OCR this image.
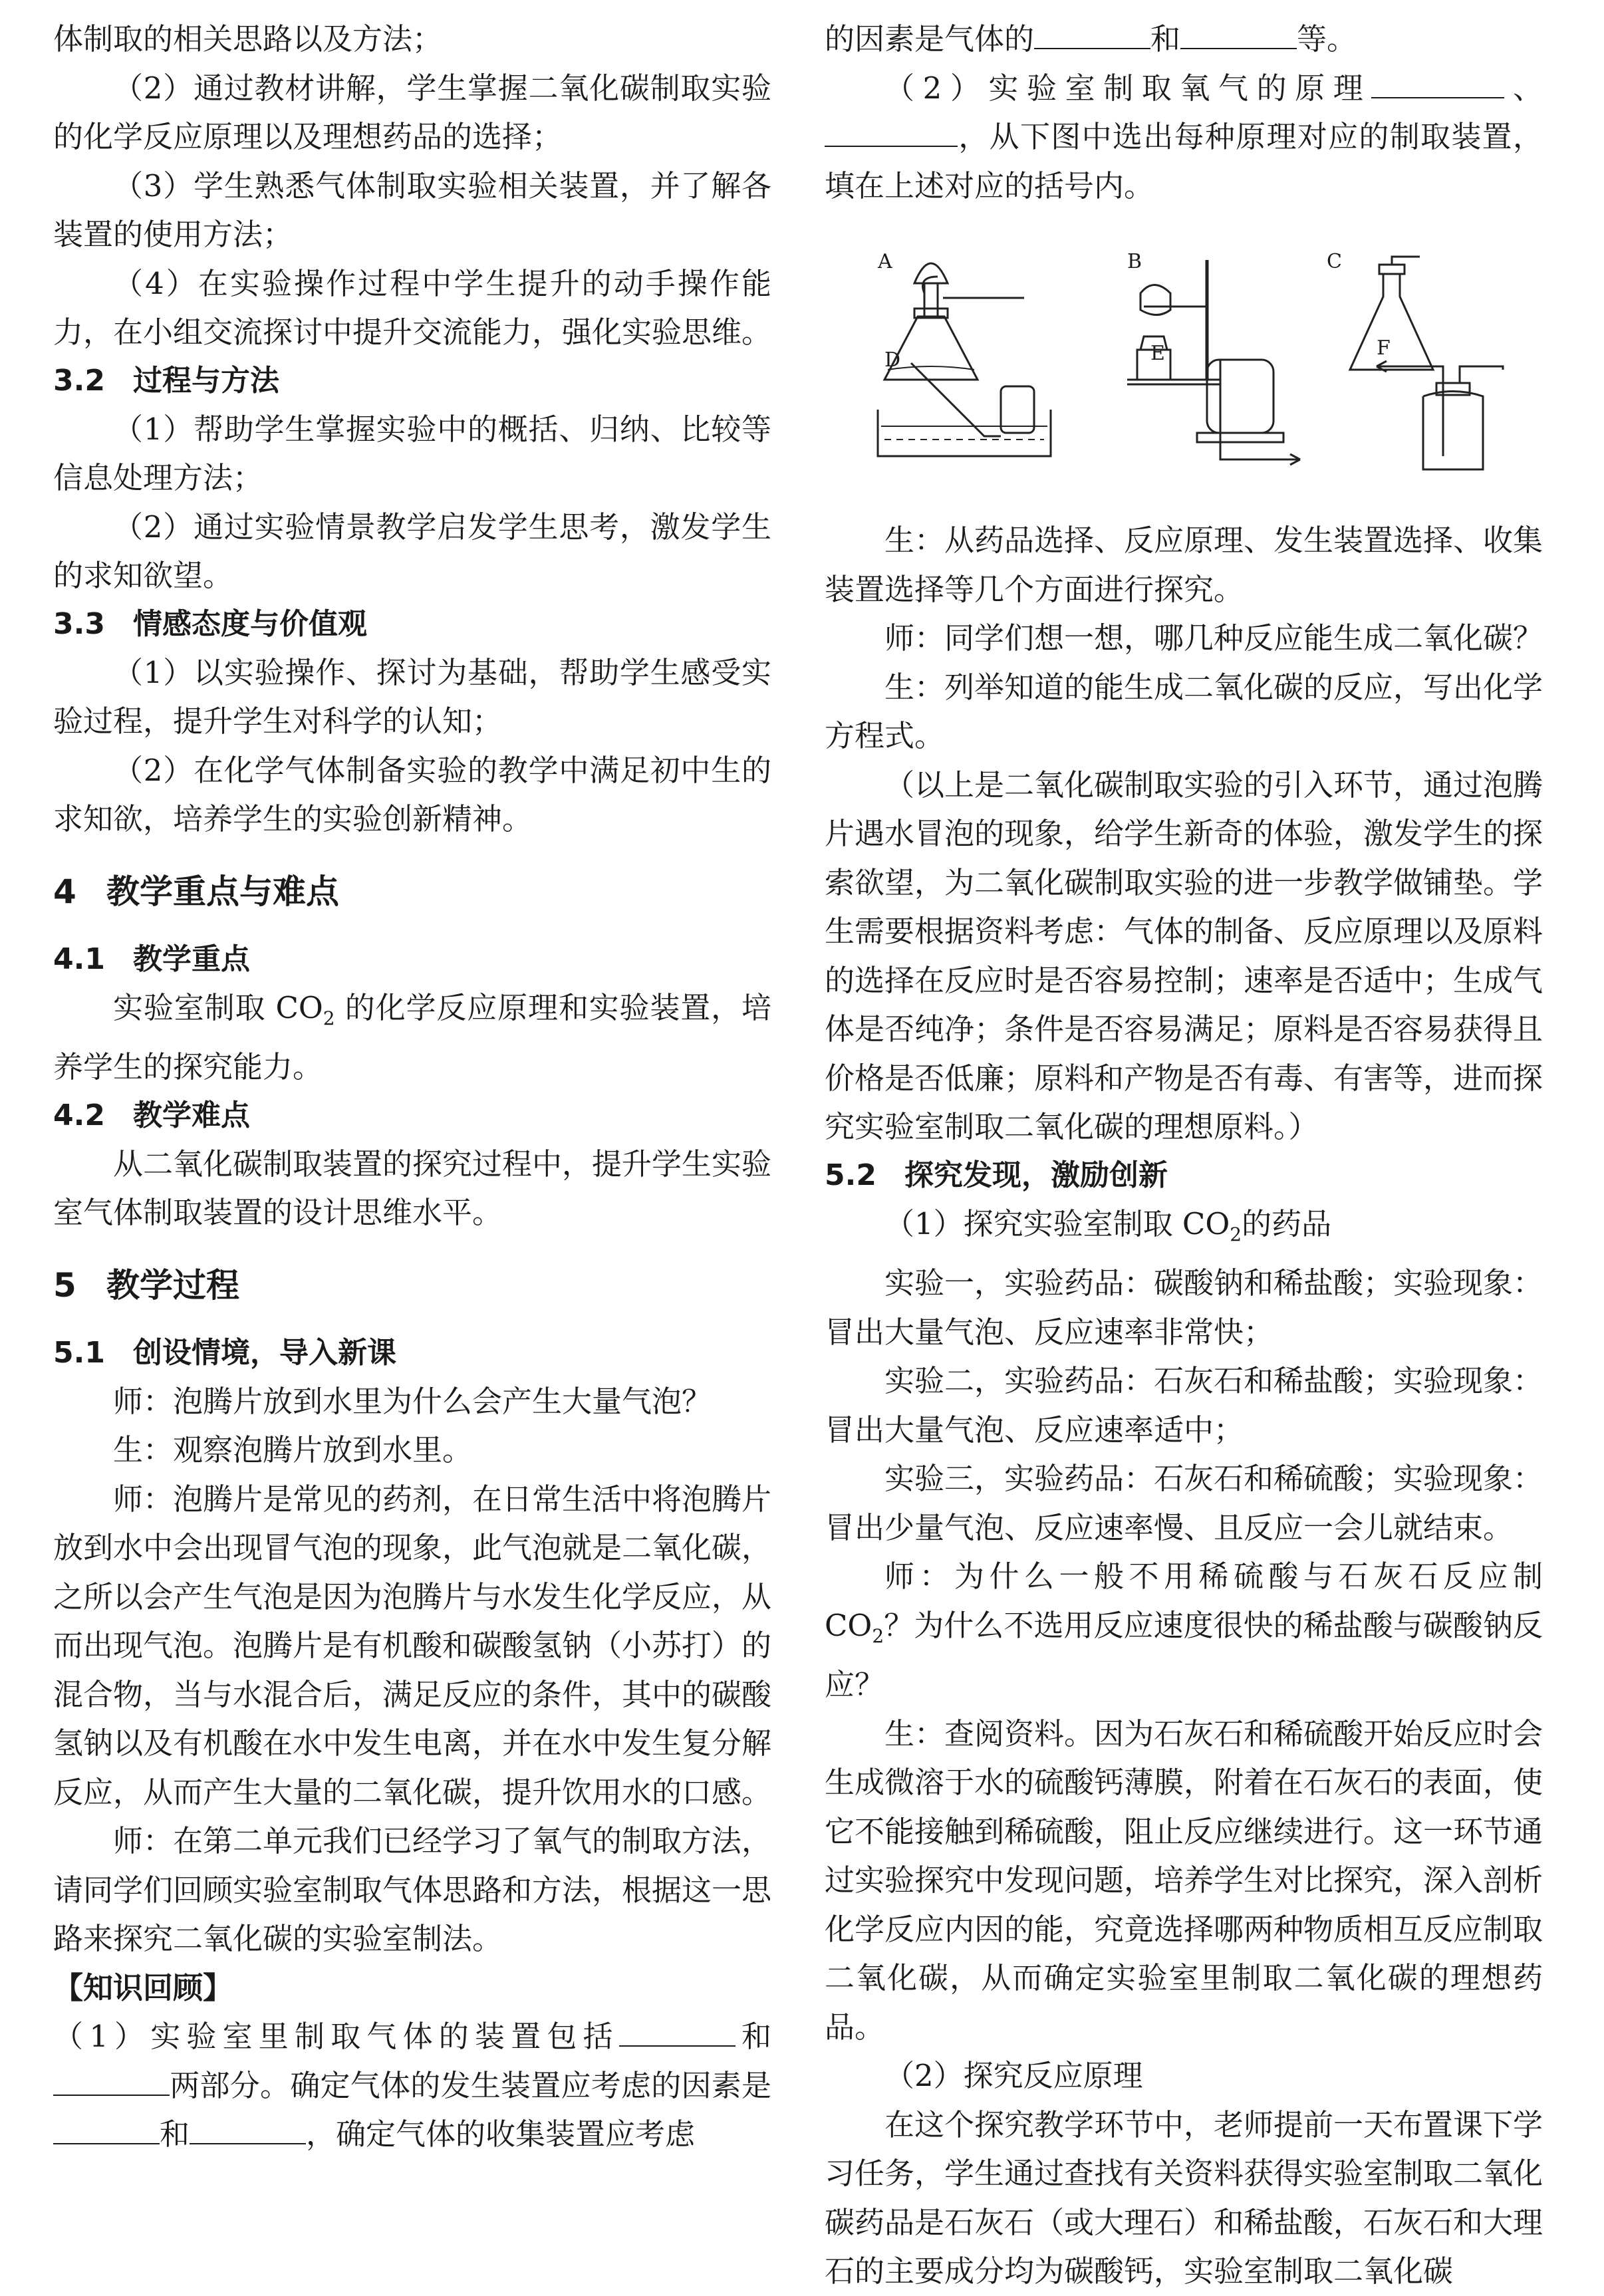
体制取的相关思路以及方法；

（2）通过教材讲解，学生掌握二氧化碳制取实验的化学反应原理以及理想药品的选择；

（3）学生熟悉气体制取实验相关装置，并了解各装置的使用方法；

（4）在实验操作过程中学生提升的动手操作能力，在小组交流探讨中提升交流能力，强化实验思维。

3.2 过程与方法

（1）帮助学生掌握实验中的概括、归纳、比较等信息处理方法；

（2）通过实验情景教学启发学生思考，激发学生的求知欲望。

3.3 情感态度与价值观

（1）以实验操作、探讨为基础，帮助学生感受实验过程，提升学生对科学的认知；

（2）在化学气体制备实验的教学中满足初中生的求知欲，培养学生的实验创新精神。

4 教学重点与难点
4.1 教学重点

实验室制取 $CO_2$ 的化学反应原理和实验装置，培养学生的探究能力。

4.2 教学难点

从二氧化碳制取装置的探究过程中，提升学生实验室气体制取装置的设计思维水平。

5 教学过程
5.1 创设情境，导入新课

师：泡腾片放到水里为什么会产生大量气泡？

生：观察泡腾片放到水里。

师：泡腾片是常见的药剂，在日常生活中将泡腾片放到水中会出现冒气泡的现象，此气泡就是二氧化碳，之所以会产生气泡是因为泡腾片与水发生化学反应，从而出现气泡。泡腾片是有机酸和碳酸氢钠（小苏打）的混合物，当与水混合后，满足反应的条件，其中的碳酸氢钠以及有机酸在水中发生电离，并在水中发生复分解反应，从而产生大量的二氧化碳，提升饮用水的口感。

师：在第二单元我们已经学习了氧气的制取方法，请同学们回顾实验室制取气体思路和方法，根据这一思路来探究二氧化碳的实验室制法。

【知识回顾】

（1）实验室里制取气体的装置包括	和两部分。确定气体的发生装置应考虑的因素是和	，确定气体的收集装置应考虑

的因素是气体的	和	等。

（2）实验室制取氧气的原理	、，从下图中选出每种原理对应的制取装置，填在上述对应的括号内。

A	B	C
D	E	F

生：从药品选择、反应原理、发生装置选择、收集装置选择等几个方面进行探究。

师：同学们想一想，哪几种反应能生成二氧化碳？

生：列举知道的能生成二氧化碳的反应，写出化学方程式。

（以上是二氧化碳制取实验的引入环节，通过泡腾片遇水冒泡的现象，给学生新奇的体验，激发学生的探索欲望，为二氧化碳制取实验的进一步教学做铺垫。学生需要根据资料考虑：气体的制备、反应原理以及原料的选择在反应时是否容易控制；速率是否适中；生成气体是否纯净；条件是否容易满足；原料是否容易获得且价格是否低廉；原料和产物是否有毒、有害等，进而探究实验室制取二氧化碳的理想原料。）

5.2 探究发现，激励创新

（1）探究实验室制取 $CO_2$的药品

实验一，实验药品：碳酸钠和稀盐酸；实验现象：冒出大量气泡、反应速率非常快；

实验二，实验药品：石灰石和稀盐酸；实验现象：冒出大量气泡、反应速率适中；

实验三，实验药品：石灰石和稀硫酸；实验现象：冒出少量气泡、反应速率慢、且反应一会儿就结束。

师：为什么一般不用稀硫酸与石灰石反应制 $CO_2$？为什么不选用反应速度很快的稀盐酸与碳酸钠反应？

生：查阅资料。因为石灰石和稀硫酸开始反应时会生成微溶于水的硫酸钙薄膜，附着在石灰石的表面，使它不能接触到稀硫酸，阻止反应继续进行。这一环节通过实验探究中发现问题，培养学生对比探究，深入剖析化学反应内因的能，究竟选择哪两种物质相互反应制取二氧化碳，从而确定实验室里制取二氧化碳的理想药品。

（2）探究反应原理

在这个探究教学环节中，老师提前一天布置课下学习任务，学生通过查找有关资料获得实验室制取二氧化碳药品是石灰石（或大理石）和稀盐酸，石灰石和大理石的主要成分均为碳酸钙，实验室制取二氧化碳
